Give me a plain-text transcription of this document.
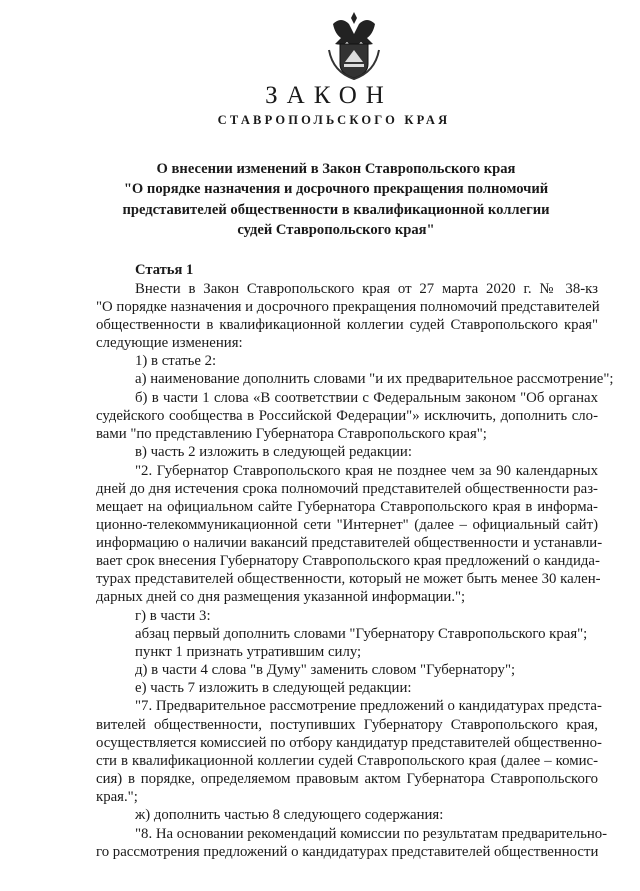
ЗАКОН
СТАВРОПОЛЬСКОГО КРАЯ
О внесении изменений в Закон Ставропольского края
"О порядке назначения и досрочного прекращения полномочий
представителей общественности в квалификационной коллегии
судей Ставропольского края"
Статья 1
Внести в Закон Ставропольского края от 27 марта 2020 г. № 38-кз
"О порядке назначения и досрочного прекращения полномочий представителей
общественности в квалификационной коллегии судей Ставропольского края"
следующие изменения:
1) в статье 2:
а) наименование дополнить словами "и их предварительное рассмотрение";
б) в части 1 слова «В соответствии с Федеральным законом "Об органах
судейского сообщества в Российской Федерации"» исключить, дополнить сло-
вами "по представлению Губернатора Ставропольского края";
в) часть 2 изложить в следующей редакции:
"2. Губернатор Ставропольского края не позднее чем за 90 календарных
дней до дня истечения срока полномочий представителей общественности раз-
мещает на официальном сайте Губернатора Ставропольского края в информа-
ционно-телекоммуникационной сети "Интернет" (далее – официальный сайт)
информацию о наличии вакансий представителей общественности и устанавли-
вает срок внесения Губернатору Ставропольского края предложений о кандида-
турах представителей общественности, который не может быть менее 30 кален-
дарных дней со дня размещения указанной информации.";
г) в части 3:
абзац первый дополнить словами "Губернатору Ставропольского края";
пункт 1 признать утратившим силу;
д) в части 4 слова "в Думу" заменить словом "Губернатору";
е) часть 7 изложить в следующей редакции:
"7. Предварительное рассмотрение предложений о кандидатурах предста-
вителей общественности, поступивших Губернатору Ставропольского края,
осуществляется комиссией по отбору кандидатур представителей общественно-
сти в квалификационной коллегии судей Ставропольского края (далее – комис-
сия) в порядке, определяемом правовым актом Губернатора Ставропольского
края.";
ж) дополнить частью 8 следующего содержания:
"8. На основании рекомендаций комиссии по результатам предварительно-
го рассмотрения предложений о кандидатурах представителей общественности
